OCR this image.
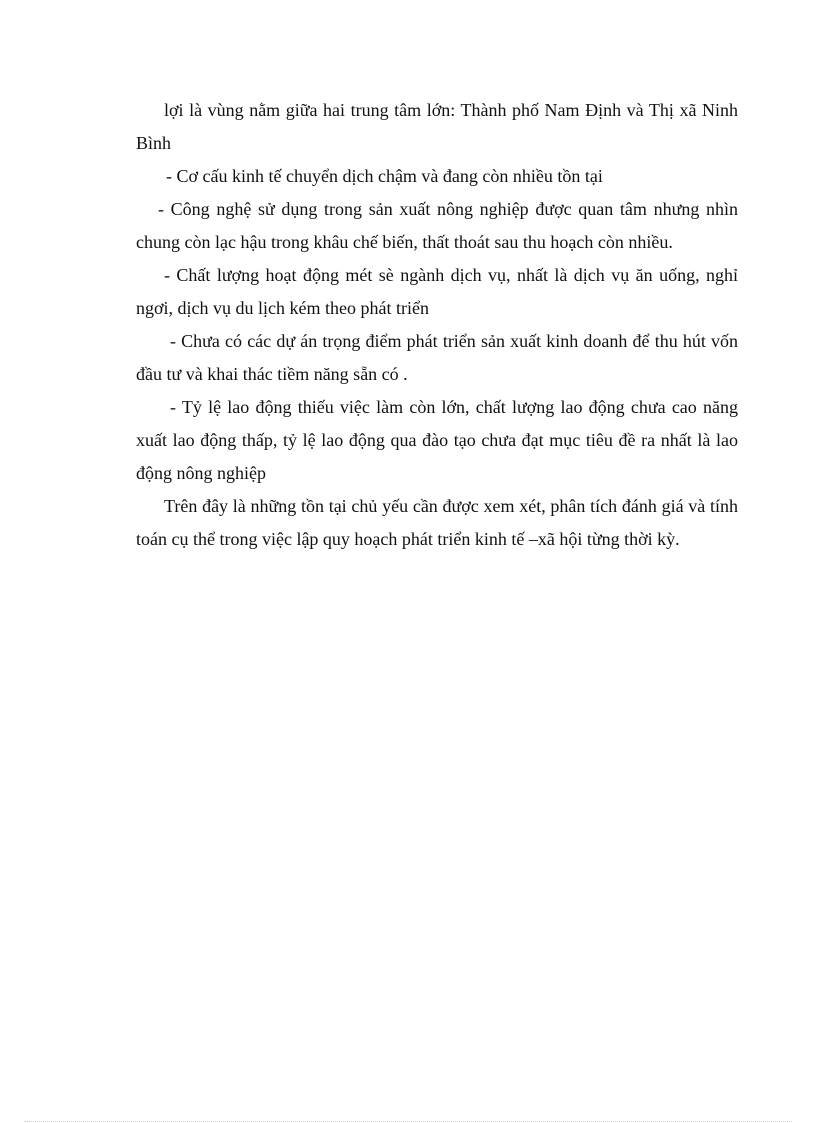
lợi là vùng nằm giữa hai trung tâm lớn: Thành phố Nam Định và Thị xã Ninh Bình

- Cơ cấu kinh tế chuyển dịch chậm và đang còn nhiều tồn tại

- Công nghệ sử dụng trong sản xuất nông nghiệp được quan tâm nhưng nhìn chung còn lạc hậu trong khâu chế biến, thất thoát sau thu hoạch còn nhiều.

- Chất lượng hoạt động mét sè ngành dịch vụ, nhất là dịch vụ ăn uống, nghỉ ngơi, dịch vụ du lịch kém theo phát triển

- Chưa có các dự án trọng điểm phát triển sản xuất kinh doanh để thu hút vốn đầu tư và khai thác tiềm năng sẵn có .

- Tỷ lệ lao động thiếu việc làm còn lớn, chất lượng lao động chưa cao năng xuất lao động thấp, tỷ lệ lao động qua đào tạo chưa đạt mục tiêu đề ra nhất là lao động nông nghiệp

Trên đây là những tồn tại chủ yếu cần được xem xét, phân tích đánh giá và tính toán cụ thể trong việc lập quy hoạch phát triển kinh tế –xã hội từng thời kỳ.
